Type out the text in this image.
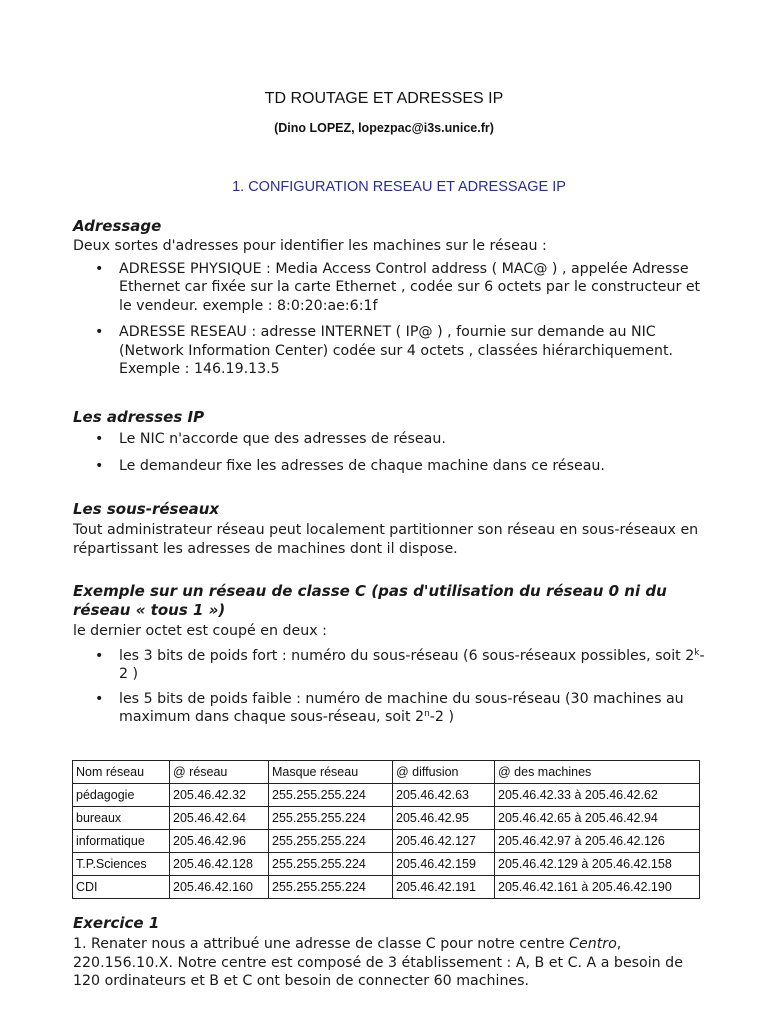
TD ROUTAGE ET ADRESSES IP
(Dino LOPEZ, lopezpac@i3s.unice.fr)
1. CONFIGURATION RESEAU ET ADRESSAGE IP

Adressage

Deux sortes d'adresses pour identifier les machines sur le réseau :

• ADRESSE PHYSIQUE : Media Access Control address ( MAC@ ) , appelée Adresse Ethernet car fixée sur la carte Ethernet , codée sur 6 octets par le constructeur et le vendeur. exemple : 8:0:20:ae:6:1f
• ADRESSE RESEAU : adresse INTERNET ( IP@ ) , fournie sur demande au NIC (Network Information Center) codée sur 4 octets , classées hiérarchiquement. Exemple : 146.19.13.5

Les adresses IP

• Le NIC n'accorde que des adresses de réseau.
• Le demandeur fixe les adresses de chaque machine dans ce réseau.

Les sous-réseaux

Tout administrateur réseau peut localement partitionner son réseau en sous-réseaux en répartissant les adresses de machines dont il dispose.

Exemple sur un réseau de classe C (pas d'utilisation du réseau 0 ni du réseau « tous 1 »)

le dernier octet est coupé en deux :

• les 3 bits de poids fort : numéro du sous-réseau (6 sous-réseaux possibles, soit 2$^k$-2 )
• les 5 bits de poids faible : numéro de machine du sous-réseau (30 machines au maximum dans chaque sous-réseau, soit 2$^n$-2 )
Nom réseau	@ réseau	Masque réseau	@ diffusion	@ des machines
pédagogie	205.46.42.32	255.255.255.224	205.46.42.63	205.46.42.33 à 205.46.42.62
bureaux	205.46.42.64	255.255.255.224	205.46.42.95	205.46.42.65 à 205.46.42.94
informatique	205.46.42.96	255.255.255.224	205.46.42.127	205.46.42.97 à 205.46.42.126
T.P.Sciences	205.46.42.128	255.255.255.224	205.46.42.159	205.46.42.129 à 205.46.42.158
CDI	205.46.42.160	255.255.255.224	205.46.42.191	205.46.42.161 à 205.46.42.190

Exercice 1

1. Renater nous a attribué une adresse de classe C pour notre centre Centro, 220.156.10.X. Notre centre est composé de 3 établissement : A, B et C. A a besoin de 120 ordinateurs et B et C ont besoin de connecter 60 machines.
